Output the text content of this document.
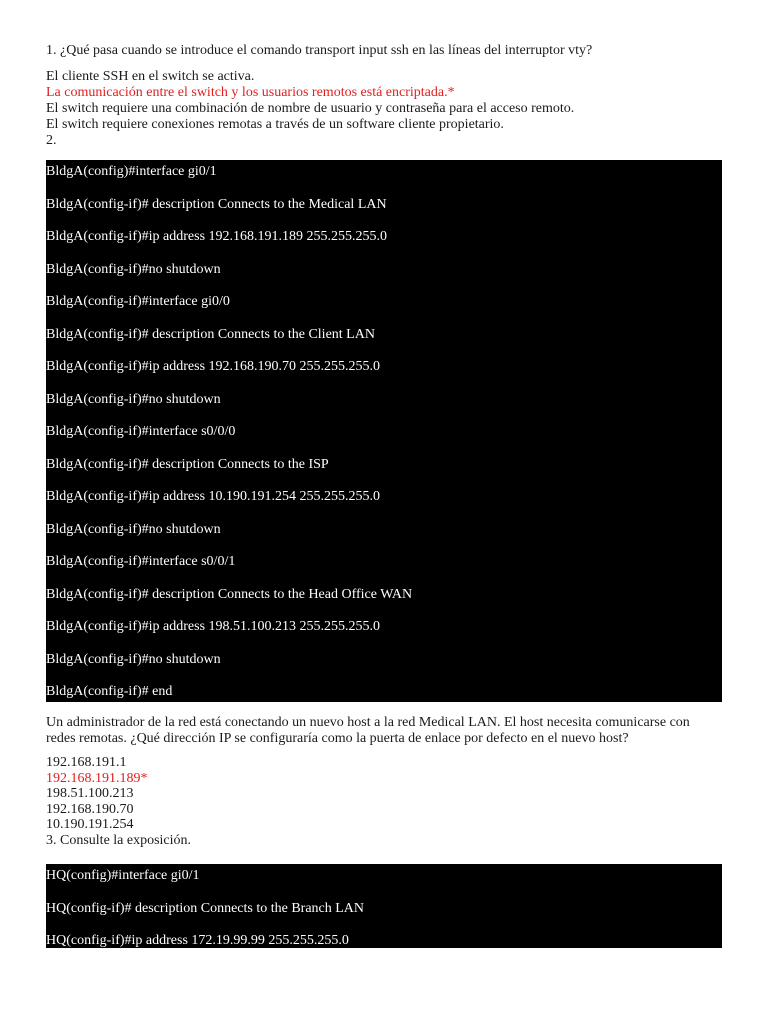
1. ¿Qué pasa cuando se introduce el comando transport input ssh en las líneas del interruptor vty?
El cliente SSH en el switch se activa.
La comunicación entre el switch y los usuarios remotos está encriptada.*
El switch requiere una combinación de nombre de usuario y contraseña para el acceso remoto.
El switch requiere conexiones remotas a través de un software cliente propietario.
2.
BldgA(config)#interface gi0/1
BldgA(config-if)# description Connects to the Medical LAN
BldgA(config-if)#ip address 192.168.191.189 255.255.255.0
BldgA(config-if)#no shutdown
BldgA(config-if)#interface gi0/0
BldgA(config-if)# description Connects to the Client LAN
BldgA(config-if)#ip address 192.168.190.70 255.255.255.0
BldgA(config-if)#no shutdown
BldgA(config-if)#interface s0/0/0
BldgA(config-if)# description Connects to the ISP
BldgA(config-if)#ip address 10.190.191.254 255.255.255.0
BldgA(config-if)#no shutdown
BldgA(config-if)#interface s0/0/1
BldgA(config-if)# description Connects to the Head Office WAN
BldgA(config-if)#ip address 198.51.100.213 255.255.255.0
BldgA(config-if)#no shutdown
BldgA(config-if)# end
Un administrador de la red está conectando un nuevo host a la red Medical LAN. El host necesita comunicarse con
redes remotas. ¿Qué dirección IP se configuraría como la puerta de enlace por defecto en el nuevo host?
192.168.191.1
192.168.191.189*
198.51.100.213
192.168.190.70
10.190.191.254
3. Consulte la exposición.
HQ(config)#interface gi0/1
HQ(config-if)# description Connects to the Branch LAN
HQ(config-if)#ip address 172.19.99.99 255.255.255.0
